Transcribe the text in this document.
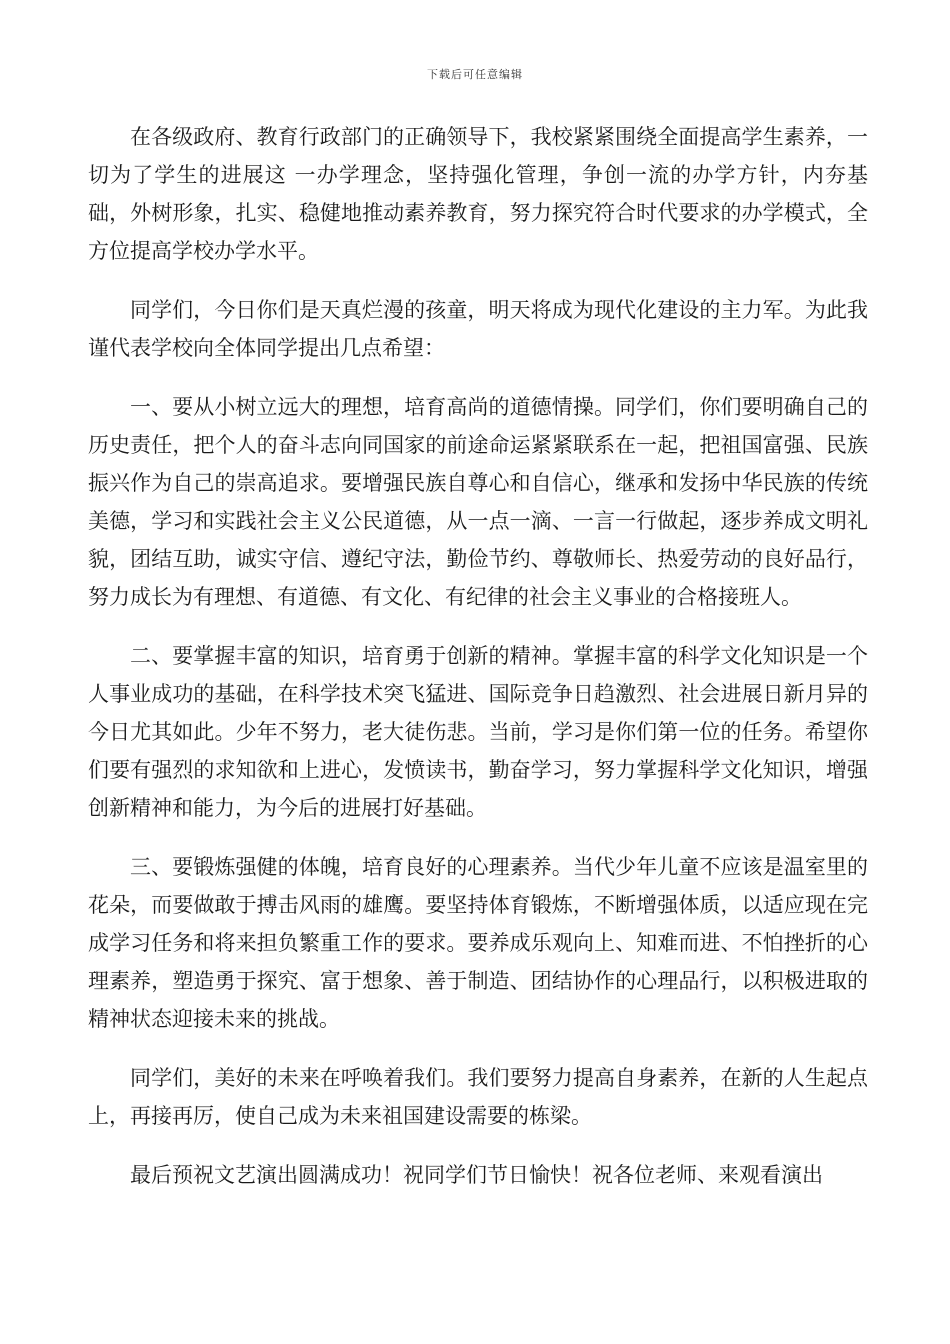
下载后可任意编辑

在各级政府、教育行政部门的正确领导下，我校紧紧围绕全面提高学生素养，一切为了学生的进展这 一办学理念，坚持强化管理，争创一流的办学方针，内夯基础，外树形象，扎实、稳健地推动素养教育，努力探究符合时代要求的办学模式，全方位提高学校办学水平。

同学们，今日你们是天真烂漫的孩童，明天将成为现代化建设的主力军。为此我谨代表学校向全体同学提出几点希望：

一、要从小树立远大的理想，培育高尚的道德情操。同学们，你们要明确自己的历史责任，把个人的奋斗志向同国家的前途命运紧紧联系在一起，把祖国富强、民族振兴作为自己的崇高追求。要增强民族自尊心和自信心，继承和发扬中华民族的传统美德，学习和实践社会主义公民道德，从一点一滴、一言一行做起，逐步养成文明礼貌，团结互助，诚实守信、遵纪守法，勤俭节约、尊敬师长、热爱劳动的良好品行，努力成长为有理想、有道德、有文化、有纪律的社会主义事业的合格接班人。

二、要掌握丰富的知识，培育勇于创新的精神。掌握丰富的科学文化知识是一个人事业成功的基础，在科学技术突飞猛进、国际竞争日趋激烈、社会进展日新月异的今日尤其如此。少年不努力，老大徒伤悲。当前，学习是你们第一位的任务。希望你们要有强烈的求知欲和上进心，发愤读书，勤奋学习，努力掌握科学文化知识，增强创新精神和能力，为今后的进展打好基础。

三、要锻炼强健的体魄，培育良好的心理素养。当代少年儿童不应该是温室里的花朵，而要做敢于搏击风雨的雄鹰。要坚持体育锻炼，不断增强体质，以适应现在完成学习任务和将来担负繁重工作的要求。要养成乐观向上、知难而进、不怕挫折的心理素养，塑造勇于探究、富于想象、善于制造、团结协作的心理品行，以积极进取的精神状态迎接未来的挑战。

同学们，美好的未来在呼唤着我们。我们要努力提高自身素养，在新的人生起点上，再接再厉，使自己成为未来祖国建设需要的栋梁。

最后预祝文艺演出圆满成功！祝同学们节日愉快！祝各位老师、来观看演出
